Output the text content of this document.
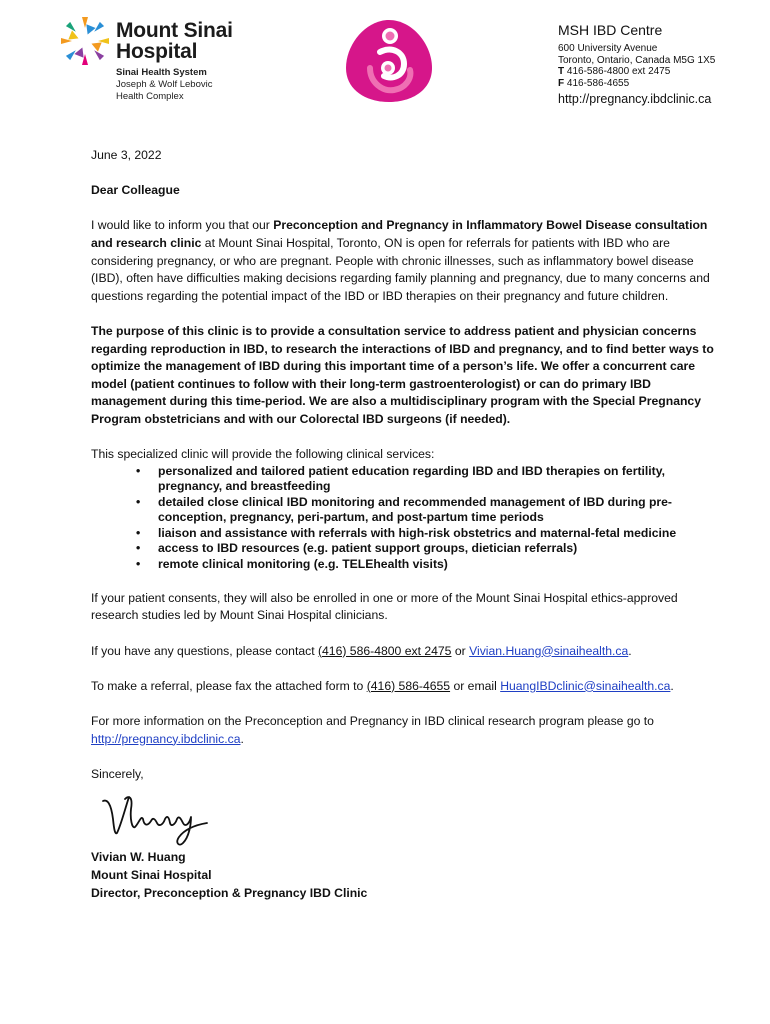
Mount Sinai
Hospital
Sinai Health System
Joseph & Wolf Lebovic
Health Complex
MSH IBD Centre
600 University Avenue
Toronto, Ontario, Canada M5G 1X5
T 416-586-4800 ext 2475
F 416-586-4655
http://pregnancy.ibdclinic.ca

June 3, 2022

Dear Colleague

I would like to inform you that our Preconception and Pregnancy in Inflammatory Bowel Disease consultation and research clinic at Mount Sinai Hospital, Toronto, ON is open for referrals for patients with IBD who are considering pregnancy, or who are pregnant. People with chronic illnesses, such as inflammatory bowel disease (IBD), often have difficulties making decisions regarding family planning and pregnancy, due to many concerns and questions regarding the potential impact of the IBD or IBD therapies on their pregnancy and future children.

The purpose of this clinic is to provide a consultation service to address patient and physician concerns regarding reproduction in IBD, to research the interactions of IBD and pregnancy, and to find better ways to optimize the management of IBD during this important time of a person’s life. We offer a concurrent care model (patient continues to follow with their long-term gastroenterologist) or can do primary IBD management during this time-period. We are also a multidisciplinary program with the Special Pregnancy Program obstetricians and with our Colorectal IBD surgeons (if needed).

This specialized clinic will provide the following clinical services:

• personalized and tailored patient education regarding IBD and IBD therapies on fertility, pregnancy, and breastfeeding
• detailed close clinical IBD monitoring and recommended management of IBD during pre-conception, pregnancy, peri-partum, and post-partum time periods
• liaison and assistance with referrals with high-risk obstetrics and maternal-fetal medicine
• access to IBD resources (e.g. patient support groups, dietician referrals)
• remote clinical monitoring (e.g. TELEhealth visits)

If your patient consents, they will also be enrolled in one or more of the Mount Sinai Hospital ethics-approved research studies led by Mount Sinai Hospital clinicians.

If you have any questions, please contact (416) 586-4800 ext 2475 or Vivian.Huang@sinaihealth.ca.

To make a referral, please fax the attached form to (416) 586-4655 or email HuangIBDclinic@sinaihealth.ca.

For more information on the Preconception and Pregnancy in IBD clinical research program please go to http://pregnancy.ibdclinic.ca.

Sincerely,

Vivian W. Huang
Mount Sinai Hospital
Director, Preconception & Pregnancy IBD Clinic
